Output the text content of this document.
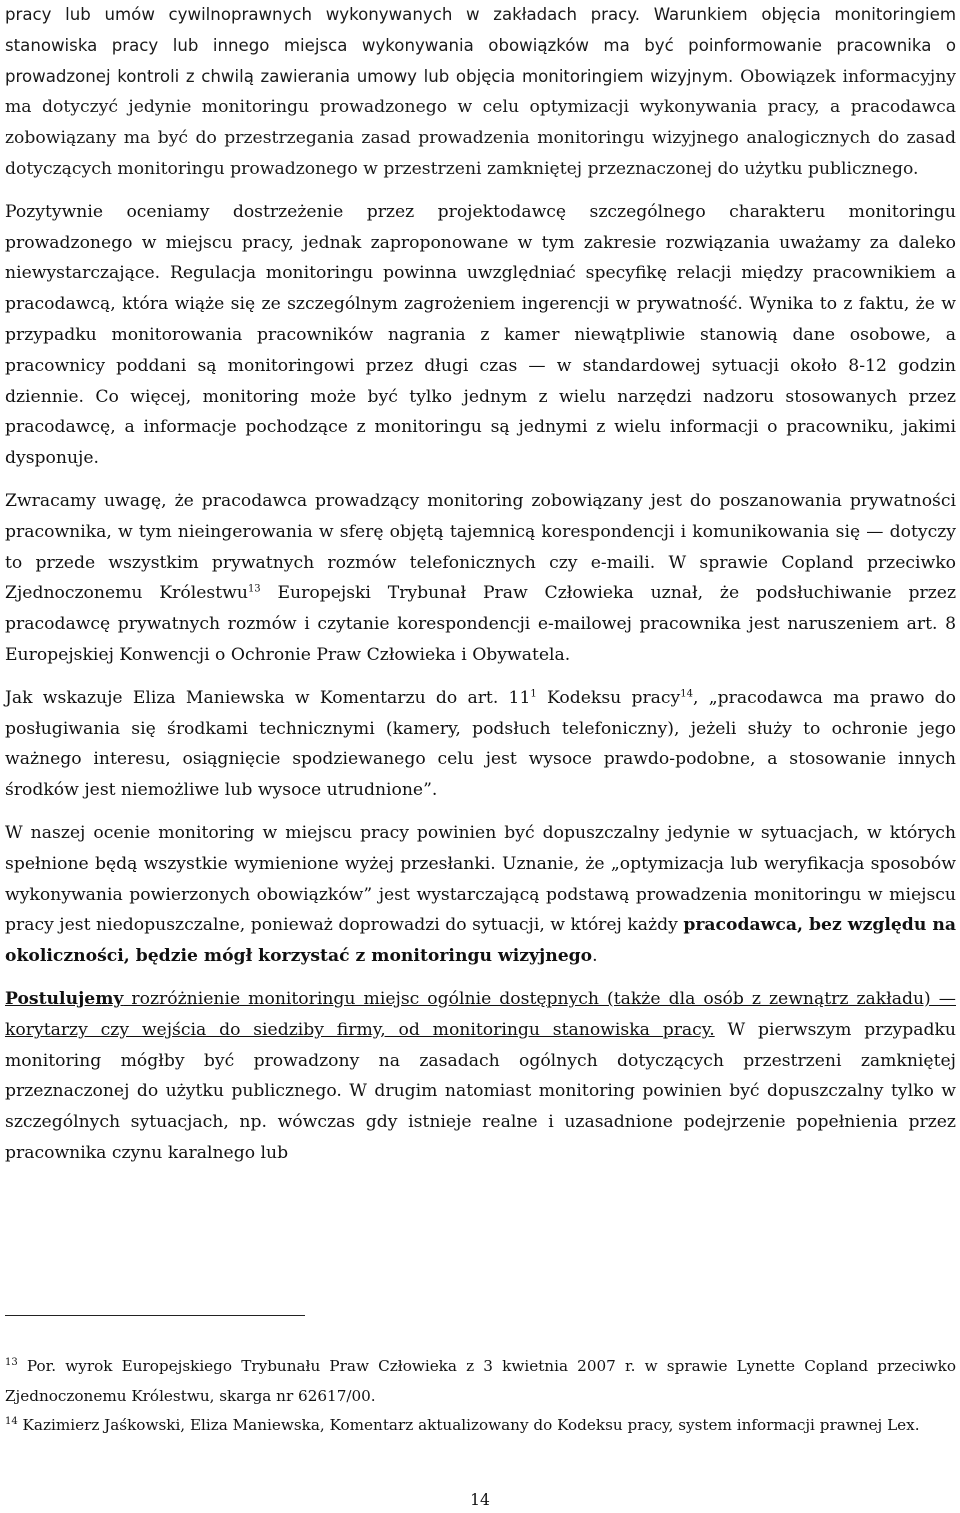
pracy lub umów cywilnoprawnych wykonywanych w zakładach pracy. Warunkiem objęcia monitoringiem stanowiska pracy lub innego miejsca wykonywania obowiązków ma być poinformowanie pracownika o prowadzonej kontroli z chwilą zawierania umowy lub objęcia monitoringiem wizyjnym. Obowiązek informacyjny ma dotyczyć jedynie monitoringu prowadzonego w celu optymizacji wykonywania pracy, a pracodawca zobowiązany ma być do przestrzegania zasad prowadzenia monitoringu wizyjnego analogicznych do zasad dotyczących monitoringu prowadzonego w przestrzeni zamkniętej przeznaczonej do użytku publicznego.

Pozytywnie oceniamy dostrzeżenie przez projektodawcę szczególnego charakteru monitoringu prowadzonego w miejscu pracy, jednak zaproponowane w tym zakresie rozwiązania uważamy za daleko niewystarczające. Regulacja monitoringu powinna uwzględniać specyfikę relacji między pracownikiem a pracodawcą, która wiąże się ze szczególnym zagrożeniem ingerencji w prywatność. Wynika to z faktu, że w przypadku monitorowania pracowników nagrania z kamer niewątpliwie stanowią dane osobowe, a pracownicy poddani są monitoringowi przez długi czas — w standardowej sytuacji około 8-12 godzin dziennie. Co więcej, monitoring może być tylko jednym z wielu narzędzi nadzoru stosowanych przez pracodawcę, a informacje pochodzące z monitoringu są jednymi z wielu informacji o pracowniku, jakimi dysponuje.

Zwracamy uwagę, że pracodawca prowadzący monitoring zobowiązany jest do poszanowania prywatności pracownika, w tym nieingerowania w sferę objętą tajemnicą korespondencji i komunikowania się — dotyczy to przede wszystkim prywatnych rozmów telefonicznych czy e-maili. W sprawie Copland przeciwko Zjednoczonemu Królestwu$^{13}$ Europejski Trybunał Praw Człowieka uznał, że podsłuchiwanie przez pracodawcę prywatnych rozmów i czytanie korespondencji e-mailowej pracownika jest naruszeniem art. 8 Europejskiej Konwencji o Ochronie Praw Człowieka i Obywatela.

Jak wskazuje Eliza Maniewska w Komentarzu do art. $11^1$ Kodeksu pracy$^{14}$, „pracodawca ma prawo do posługiwania się środkami technicznymi (kamery, podsłuch telefoniczny), jeżeli służy to ochronie jego ważnego interesu, osiągnięcie spodziewanego celu jest wysoce prawdo-podobne, a stosowanie innych środków jest niemożliwe lub wysoce utrudnione”.

W naszej ocenie monitoring w miejscu pracy powinien być dopuszczalny jedynie w sytuacjach, w których spełnione będą wszystkie wymienione wyżej przesłanki. Uznanie, że „optymizacja lub weryfikacja sposobów wykonywania powierzonych obowiązków” jest wystarczającą podstawą prowadzenia monitoringu w miejscu pracy jest niedopuszczalne, ponieważ doprowadzi do sytuacji, w której każdy pracodawca, bez względu na okoliczności, będzie mógł korzystać z monitoringu wizyjnego.

Postulujemy rozróżnienie monitoringu miejsc ogólnie dostępnych (także dla osób z zewnątrz zakładu) — korytarzy czy wejścia do siedziby firmy, od monitoringu stanowiska pracy. W pierwszym przypadku monitoring mógłby być prowadzony na zasadach ogólnych dotyczących przestrzeni zamkniętej przeznaczonej do użytku publicznego. W drugim natomiast monitoring powinien być dopuszczalny tylko w szczególnych sytuacjach, np. wówczas gdy istnieje realne i uzasadnione podejrzenie popełnienia przez pracownika czynu karalnego lub

$^{13}$ Por. wyrok Europejskiego Trybunału Praw Człowieka z 3 kwietnia 2007 r. w sprawie Lynette Copland przeciwko Zjednoczonemu Królestwu, skarga nr 62617/00.

$^{14}$ Kazimierz Jaśkowski, Eliza Maniewska, Komentarz aktualizowany do Kodeksu pracy, system informacji prawnej Lex.

14
